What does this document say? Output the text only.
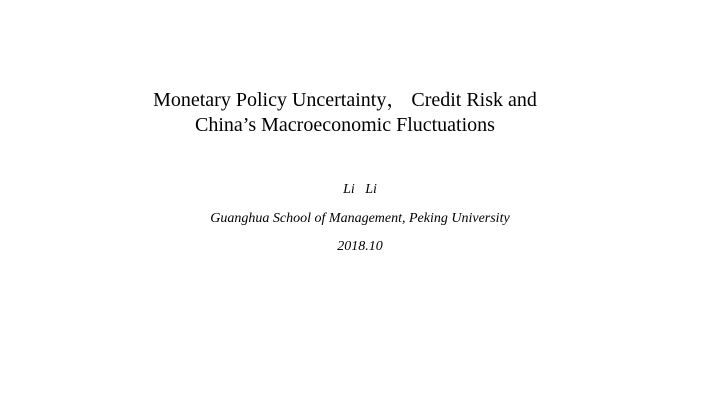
Monetary Policy Uncertainty， Credit Risk and
China’s Macroeconomic Fluctuations
Li   Li
Guanghua School of Management, Peking University
2018.10
